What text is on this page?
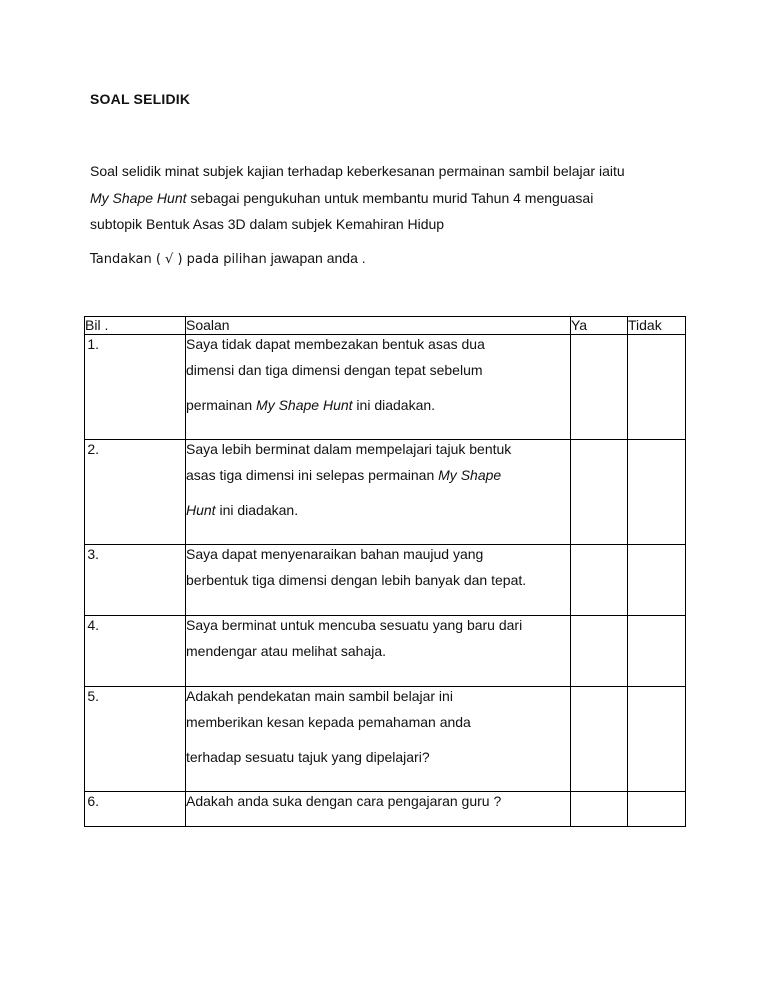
SOAL SELIDIK
Soal selidik minat subjek kajian terhadap keberkesanan permainan sambil belajar iaitu
My Shape Hunt sebagai pengukuhan untuk membantu murid Tahun 4 menguasai
subtopik Bentuk Asas 3D dalam subjek Kemahiran Hidup
Tandakan ( √ ) pada pilihan jawapan anda .
Bil .	Soalan	Ya	Tidak
1.	Saya tidak dapat membezakan bentuk asas dua
dimensi dan tiga dimensi dengan tepat sebelum
permainan My Shape Hunt ini diadakan.		

2.	Saya lebih berminat dalam mempelajari tajuk bentuk
asas tiga dimensi ini selepas permainan My Shape
Hunt ini diadakan.		

3.	Saya dapat menyenaraikan bahan maujud yang
berbentuk tiga dimensi dengan lebih banyak dan tepat.		

4.	Saya berminat untuk mencuba sesuatu yang baru dari
mendengar atau melihat sahaja.		

5.	Adakah pendekatan main sambil belajar ini
memberikan kesan kepada pemahaman anda
terhadap sesuatu tajuk yang dipelajari?		

6.	Adakah anda suka dengan cara pengajaran guru ?		
